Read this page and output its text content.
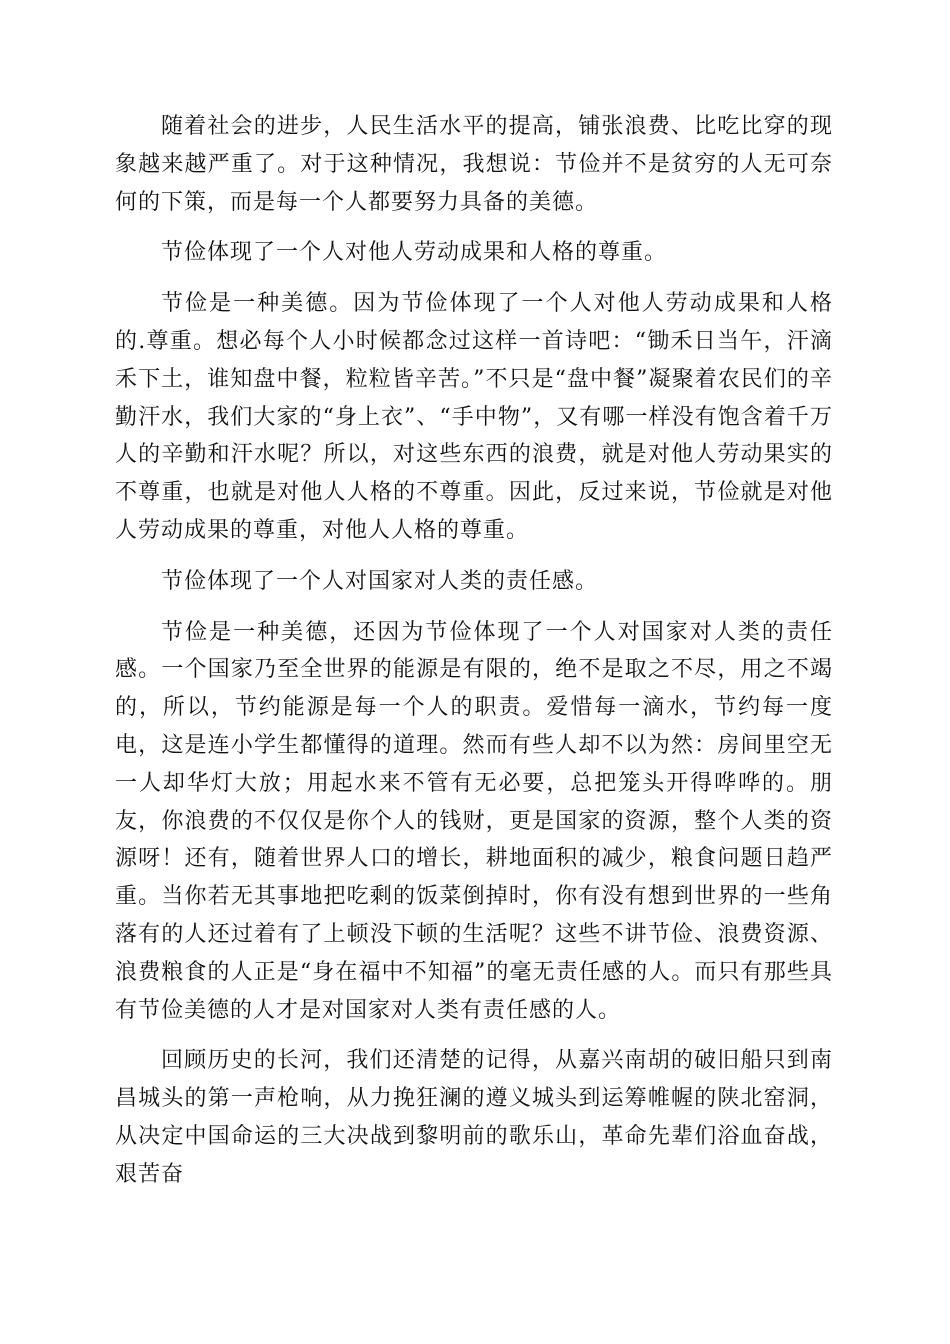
随着社会的进步，人民生活水平的提高，铺张浪费、比吃比穿的现象越来越严重了。对于这种情况，我想说：节俭并不是贫穷的人无可奈何的下策，而是每一个人都要努力具备的美德。

节俭体现了一个人对他人劳动成果和人格的尊重。

节俭是一种美德。因为节俭体现了一个人对他人劳动成果和人格的.尊重。想必每个人小时候都念过这样一首诗吧：“锄禾日当午，汗滴禾下土，谁知盘中餐，粒粒皆辛苦。”不只是“盘中餐”凝聚着农民们的辛勤汗水，我们大家的“身上衣”、“手中物”，又有哪一样没有饱含着千万人的辛勤和汗水呢？所以，对这些东西的浪费，就是对他人劳动果实的不尊重，也就是对他人人格的不尊重。因此，反过来说，节俭就是对他人劳动成果的尊重，对他人人格的尊重。

节俭体现了一个人对国家对人类的责任感。

节俭是一种美德，还因为节俭体现了一个人对国家对人类的责任感。一个国家乃至全世界的能源是有限的，绝不是取之不尽，用之不竭的，所以，节约能源是每一个人的职责。爱惜每一滴水，节约每一度电，这是连小学生都懂得的道理。然而有些人却不以为然：房间里空无一人却华灯大放；用起水来不管有无必要，总把笼头开得哗哗的。朋友，你浪费的不仅仅是你个人的钱财，更是国家的资源，整个人类的资源呀！还有，随着世界人口的增长，耕地面积的减少，粮食问题日趋严重。当你若无其事地把吃剩的饭菜倒掉时，你有没有想到世界的一些角落有的人还过着有了上顿没下顿的生活呢？这些不讲节俭、浪费资源、浪费粮食的人正是“身在福中不知福”的毫无责任感的人。而只有那些具有节俭美德的人才是对国家对人类有责任感的人。

回顾历史的长河，我们还清楚的记得，从嘉兴南胡的破旧船只到南昌城头的第一声枪响，从力挽狂澜的遵义城头到运筹帷幄的陕北窑洞，从决定中国命运的三大决战到黎明前的歌乐山，革命先辈们浴血奋战，艰苦奋
